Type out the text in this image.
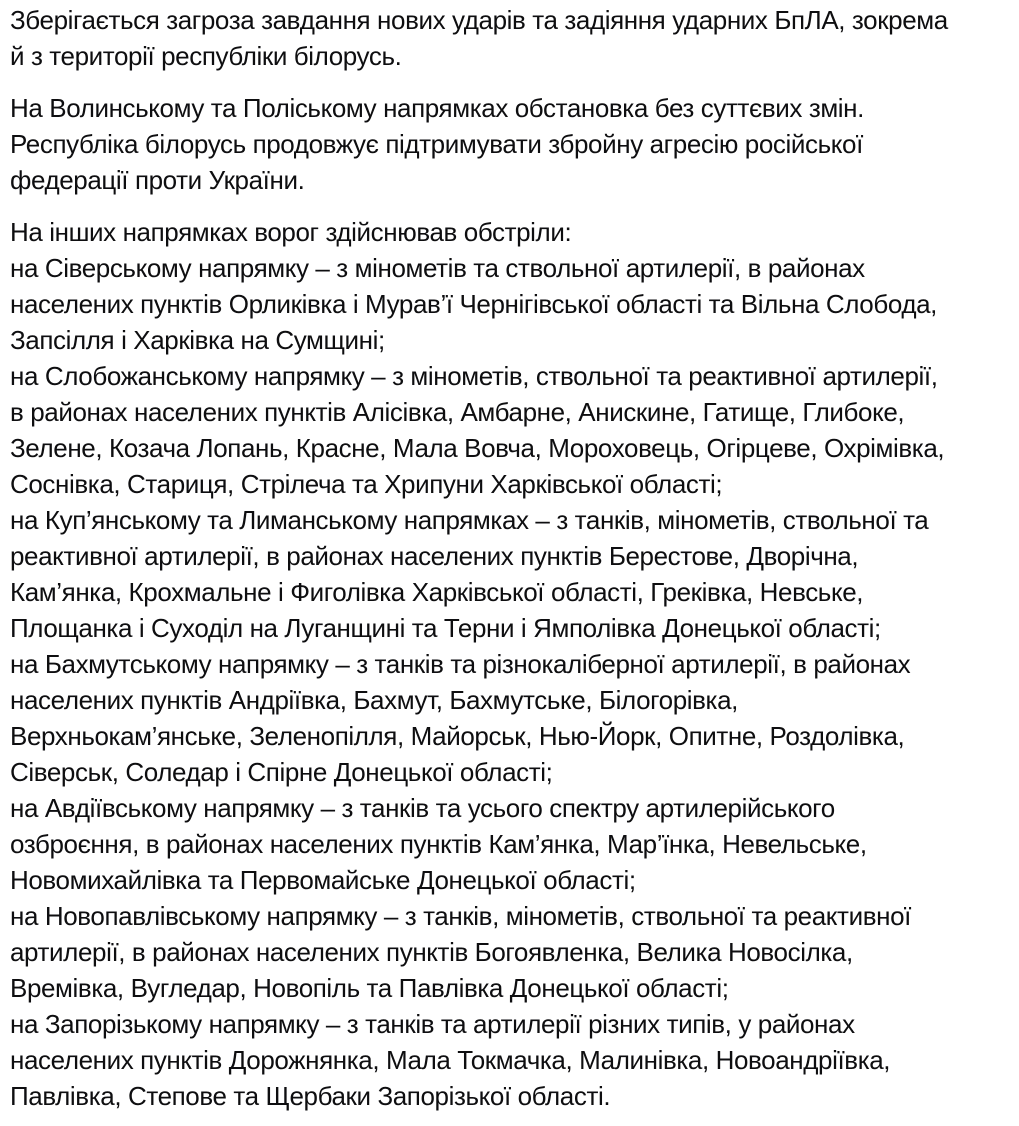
Зберігається загроза завдання нових ударів та задіяння ударних БпЛА, зокрема
й з території республіки білорусь.
На Волинському та Поліському напрямках обстановка без суттєвих змін.
Республіка білорусь продовжує підтримувати збройну агресію російської
федерації проти України.
На інших напрямках ворог здійснював обстріли:
на Сіверському напрямку – з мінометів та ствольної артилерії, в районах
населених пунктів Орликівка і Мурав’ї Чернігівської області та Вільна Слобода,
Запсілля і Харківка на Сумщині;
на Слобожанському напрямку – з мінометів, ствольної та реактивної артилерії,
в районах населених пунктів Алісівка, Амбарне, Анискине, Гатище, Глибоке,
Зелене, Козача Лопань, Красне, Мала Вовча, Мороховець, Огірцеве, Охрімівка,
Соснівка, Стариця, Стрілеча та Хрипуни Харківської області;
на Куп’янському та Лиманському напрямках – з танків, мінометів, ствольної та
реактивної артилерії, в районах населених пунктів Берестове, Дворічна,
Кам’янка, Крохмальне і Фиголівка Харківської області, Греківка, Невське,
Площанка і Суходіл на Луганщині та Терни і Ямполівка Донецької області;
на Бахмутському напрямку – з танків та різнокаліберної артилерії, в районах
населених пунктів Андріївка, Бахмут, Бахмутське, Білогорівка,
Верхньокам’янське, Зеленопілля, Майорськ, Нью-Йорк, Опитне, Роздолівка,
Сіверськ, Соледар і Спірне Донецької області;
на Авдіївському напрямку – з танків та усього спектру артилерійського
озброєння, в районах населених пунктів Кам’янка, Мар’їнка, Невельське,
Новомихайлівка та Первомайське Донецької області;
на Новопавлівському напрямку – з танків, мінометів, ствольної та реактивної
артилерії, в районах населених пунктів Богоявленка, Велика Новосілка,
Времівка, Вугледар, Новопіль та Павлівка Донецької області;
на Запорізькому напрямку – з танків та артилерії різних типів, у районах
населених пунктів Дорожнянка, Мала Токмачка, Малинівка, Новоандріївка,
Павлівка, Степове та Щербаки Запорізької області.
